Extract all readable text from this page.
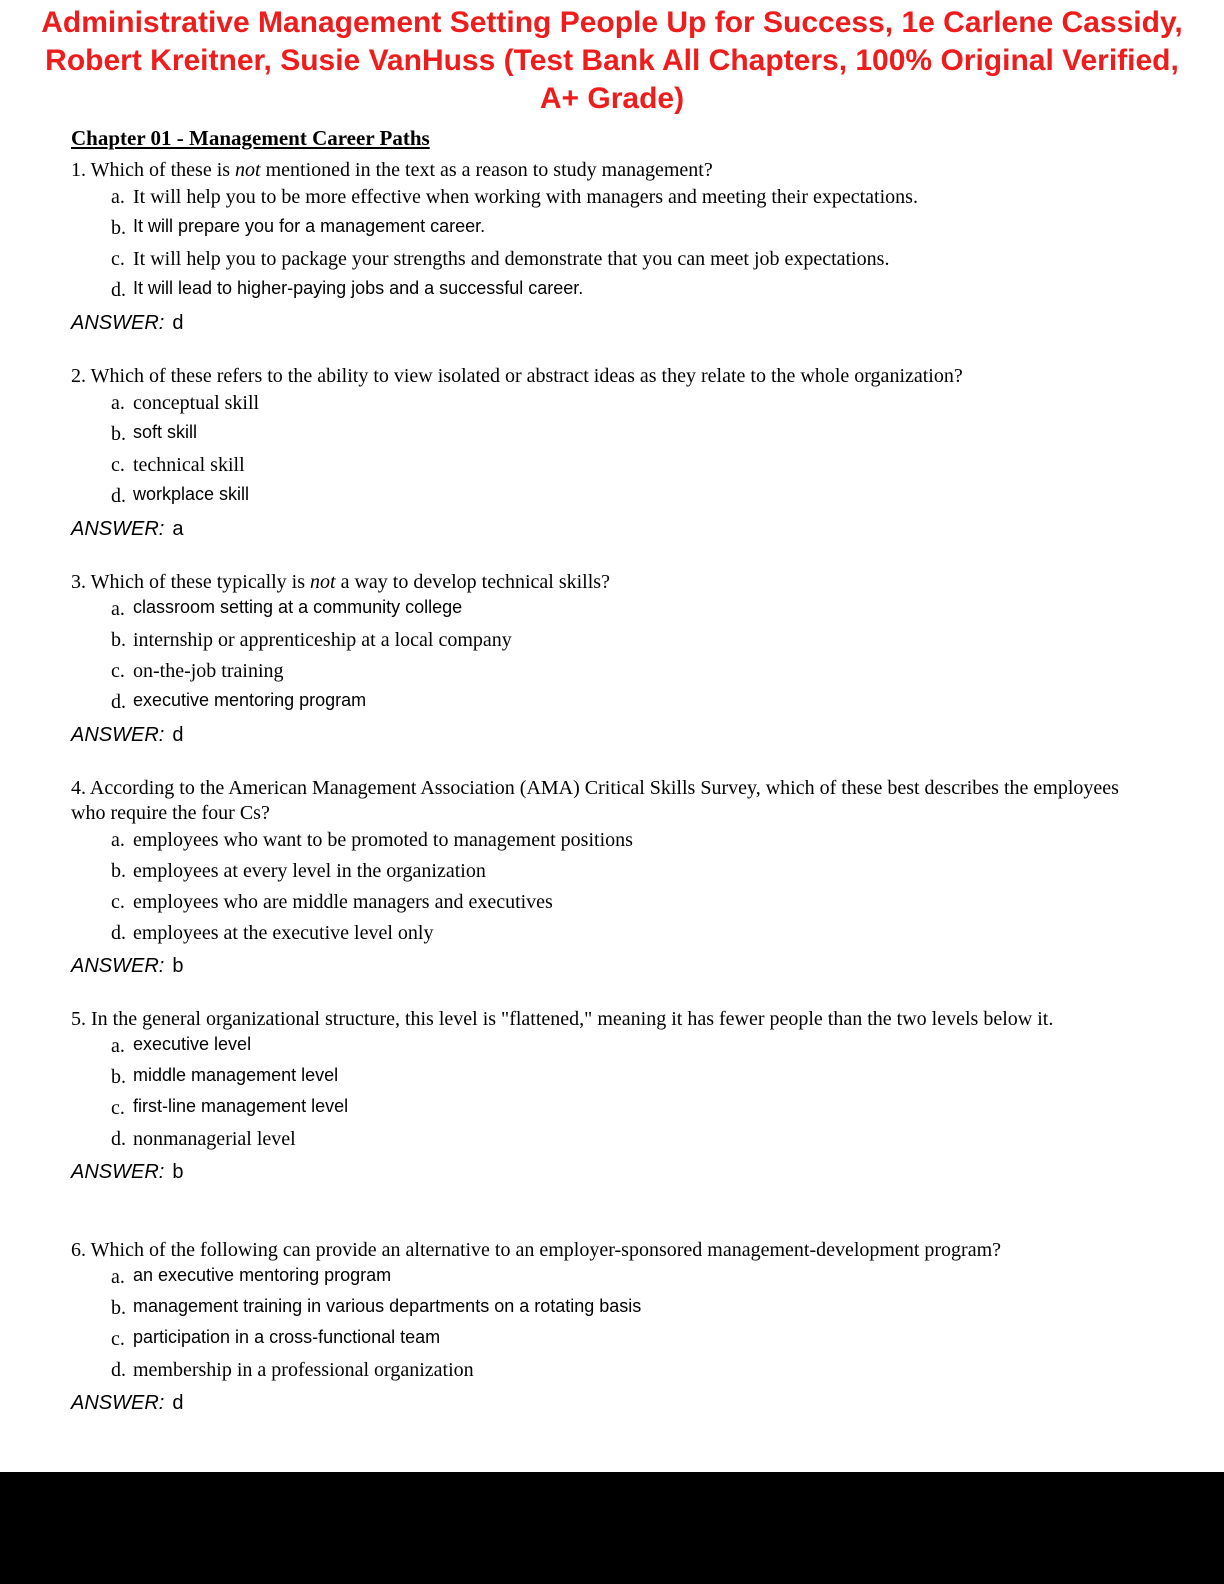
Administrative Management Setting People Up for Success, 1e Carlene Cassidy, Robert Kreitner, Susie VanHuss (Test Bank All Chapters, 100% Original Verified, A+ Grade)
Chapter 01 - Management Career Paths

1. Which of these is not mentioned in the text as a reason to study management?

a. It will help you to be more effective when working with managers and meeting their expectations.
b. It will prepare you for a management career.
c. It will help you to package your strengths and demonstrate that you can meet job expectations.
d. It will lead to higher-paying jobs and a successful career.
ANSWER: d

2. Which of these refers to the ability to view isolated or abstract ideas as they relate to the whole organization?

a. conceptual skill
b. soft skill
c. technical skill
d. workplace skill
ANSWER: a

3. Which of these typically is not a way to develop technical skills?

a. classroom setting at a community college
b. internship or apprenticeship at a local company
c. on-the-job training
d. executive mentoring program
ANSWER: d

4. According to the American Management Association (AMA) Critical Skills Survey, which of these best describes the employees who require the four Cs?

a. employees who want to be promoted to management positions
b. employees at every level in the organization
c. employees who are middle managers and executives
d. employees at the executive level only
ANSWER: b

5. In the general organizational structure, this level is "flattened," meaning it has fewer people than the two levels below it.

a. executive level
b. middle management level
c. first-line management level
d. nonmanagerial level
ANSWER: b

6. Which of the following can provide an alternative to an employer-sponsored management-development program?

a. an executive mentoring program
b. management training in various departments on a rotating basis
c. participation in a cross-functional team
d. membership in a professional organization
ANSWER: d
